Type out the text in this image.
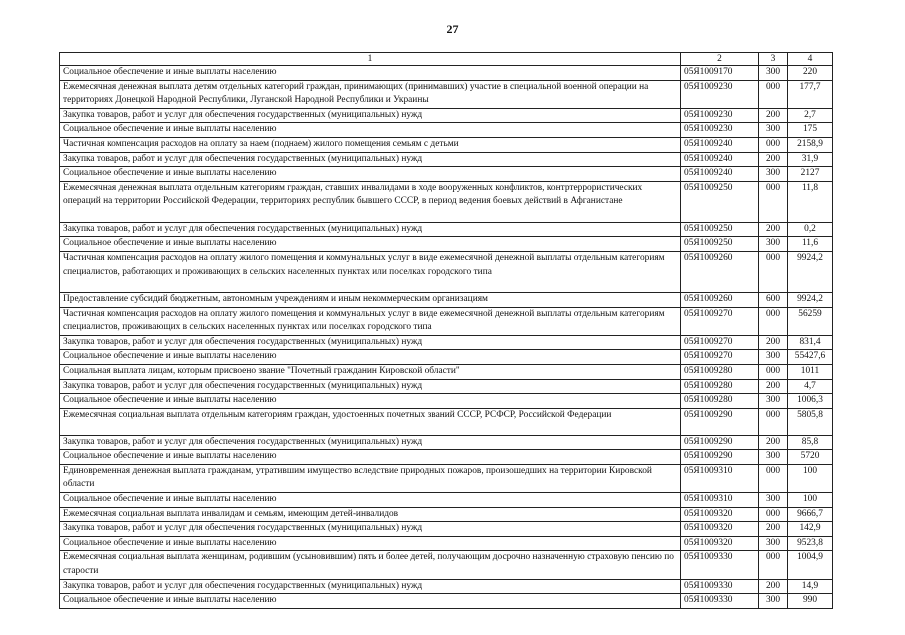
27
1	2	3	4
Социальное обеспечение и иные выплаты населению	05Я1009170	300	220
Ежемесячная денежная выплата детям отдельных категорий граждан, принимающих (принимавших) участие в специальной военной операции на территориях Донецкой Народной Республики, Луганской Народной Республики и Украины	05Я1009230	000	177,7
Закупка товаров, работ и услуг для обеспечения государственных (муниципальных) нужд	05Я1009230	200	2,7
Социальное обеспечение и иные выплаты населению	05Я1009230	300	175
Частичная компенсация расходов на оплату за наем (поднаем) жилого помещения семьям с детьми	05Я1009240	000	2158,9
Закупка товаров, работ и услуг для обеспечения государственных (муниципальных) нужд	05Я1009240	200	31,9
Социальное обеспечение и иные выплаты населению	05Я1009240	300	2127
Ежемесячная денежная выплата отдельным категориям граждан, ставших инвалидами в ходе вооруженных конфликтов, контртеррористических операций на территории Российской Федерации, территориях республик бывшего СССР, в период ведения боевых действий в Афганистане	05Я1009250	000	11,8
Закупка товаров, работ и услуг для обеспечения государственных (муниципальных) нужд	05Я1009250	200	0,2
Социальное обеспечение и иные выплаты населению	05Я1009250	300	11,6
Частичная компенсация расходов на оплату жилого помещения и коммунальных услуг в виде ежемесячной денежной выплаты отдельным категориям специалистов, работающих и проживающих в сельских населенных пунктах или поселках городского типа	05Я1009260	000	9924,2
Предоставление субсидий бюджетным, автономным учреждениям и иным некоммерческим организациям	05Я1009260	600	9924,2
Частичная компенсация расходов на оплату жилого помещения и коммунальных услуг в виде ежемесячной денежной выплаты отдельным категориям специалистов, проживающих в сельских населенных пунктах или поселках городского типа	05Я1009270	000	56259
Закупка товаров, работ и услуг для обеспечения государственных (муниципальных) нужд	05Я1009270	200	831,4
Социальное обеспечение и иные выплаты населению	05Я1009270	300	55427,6
Социальная выплата лицам, которым присвоено звание "Почетный гражданин Кировской области"	05Я1009280	000	1011
Закупка товаров, работ и услуг для обеспечения государственных (муниципальных) нужд	05Я1009280	200	4,7
Социальное обеспечение и иные выплаты населению	05Я1009280	300	1006,3
Ежемесячная социальная выплата отдельным категориям граждан, удостоенных почетных званий СССР, РСФСР, Российской Федерации	05Я1009290	000	5805,8
Закупка товаров, работ и услуг для обеспечения государственных (муниципальных) нужд	05Я1009290	200	85,8
Социальное обеспечение и иные выплаты населению	05Я1009290	300	5720
Единовременная денежная выплата гражданам, утратившим имущество вследствие природных пожаров, произошедших на территории Кировской области	05Я1009310	000	100
Социальное обеспечение и иные выплаты населению	05Я1009310	300	100
Ежемесячная социальная выплата инвалидам и семьям, имеющим детей-инвалидов	05Я1009320	000	9666,7
Закупка товаров, работ и услуг для обеспечения государственных (муниципальных) нужд	05Я1009320	200	142,9
Социальное обеспечение и иные выплаты населению	05Я1009320	300	9523,8
Ежемесячная социальная выплата женщинам, родившим (усыновившим) пять и более детей, получающим досрочно назначенную страховую пенсию по старости	05Я1009330	000	1004,9
Закупка товаров, работ и услуг для обеспечения государственных (муниципальных) нужд	05Я1009330	200	14,9
Социальное обеспечение и иные выплаты населению	05Я1009330	300	990
